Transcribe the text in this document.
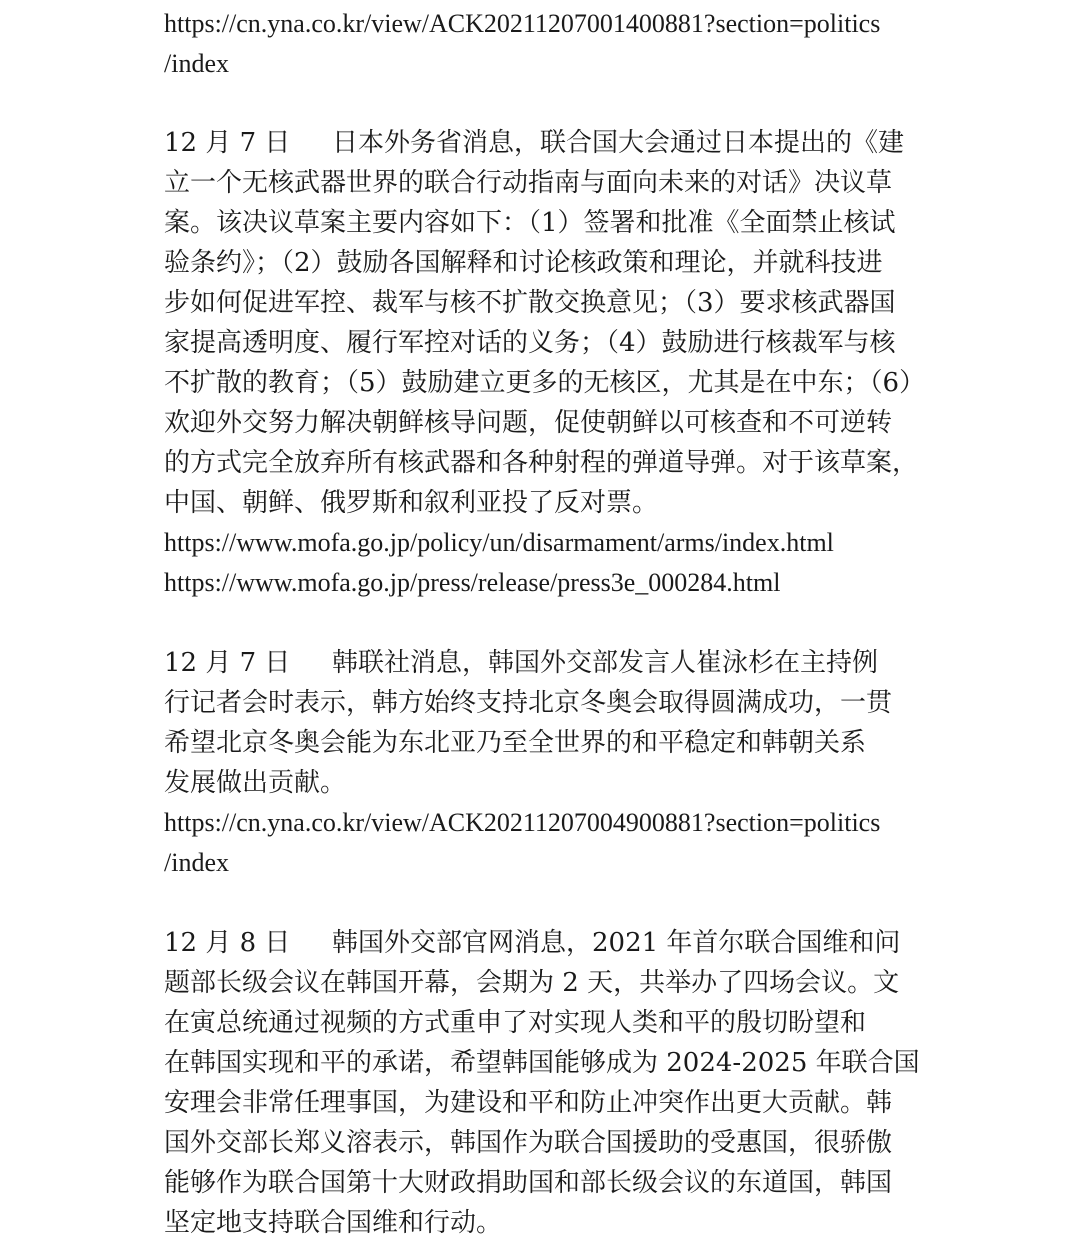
https://cn.yna.co.kr/view/ACK20211207001400881?section=politics
/index
12 月 7 日 日本外务省消息，联合国大会通过日本提出的《建
立一个无核武器世界的联合行动指南与面向未来的对话》决议草
案。该决议草案主要内容如下：（1）签署和批准《全面禁止核试
验条约》；（2）鼓励各国解释和讨论核政策和理论，并就科技进
步如何促进军控、裁军与核不扩散交换意见；（3）要求核武器国
家提高透明度、履行军控对话的义务；（4）鼓励进行核裁军与核
不扩散的教育；（5）鼓励建立更多的无核区，尤其是在中东；（6）
欢迎外交努力解决朝鲜核导问题，促使朝鲜以可核查和不可逆转
的方式完全放弃所有核武器和各种射程的弹道导弹。对于该草案，
中国、朝鲜、俄罗斯和叙利亚投了反对票。
https://www.mofa.go.jp/policy/un/disarmament/arms/index.html
https://www.mofa.go.jp/press/release/press3e_000284.html
12 月 7 日 韩联社消息，韩国外交部发言人崔泳杉在主持例
行记者会时表示，韩方始终支持北京冬奥会取得圆满成功，一贯
希望北京冬奥会能为东北亚乃至全世界的和平稳定和韩朝关系
发展做出贡献。
https://cn.yna.co.kr/view/ACK20211207004900881?section=politics
/index
12 月 8 日 韩国外交部官网消息，2021 年首尔联合国维和问
题部长级会议在韩国开幕，会期为 2 天，共举办了四场会议。文
在寅总统通过视频的方式重申了对实现人类和平的殷切盼望和
在韩国实现和平的承诺，希望韩国能够成为 2024-2025 年联合国
安理会非常任理事国，为建设和平和防止冲突作出更大贡献。韩
国外交部长郑义溶表示，韩国作为联合国援助的受惠国，很骄傲
能够作为联合国第十大财政捐助国和部长级会议的东道国，韩国
坚定地支持联合国维和行动。
